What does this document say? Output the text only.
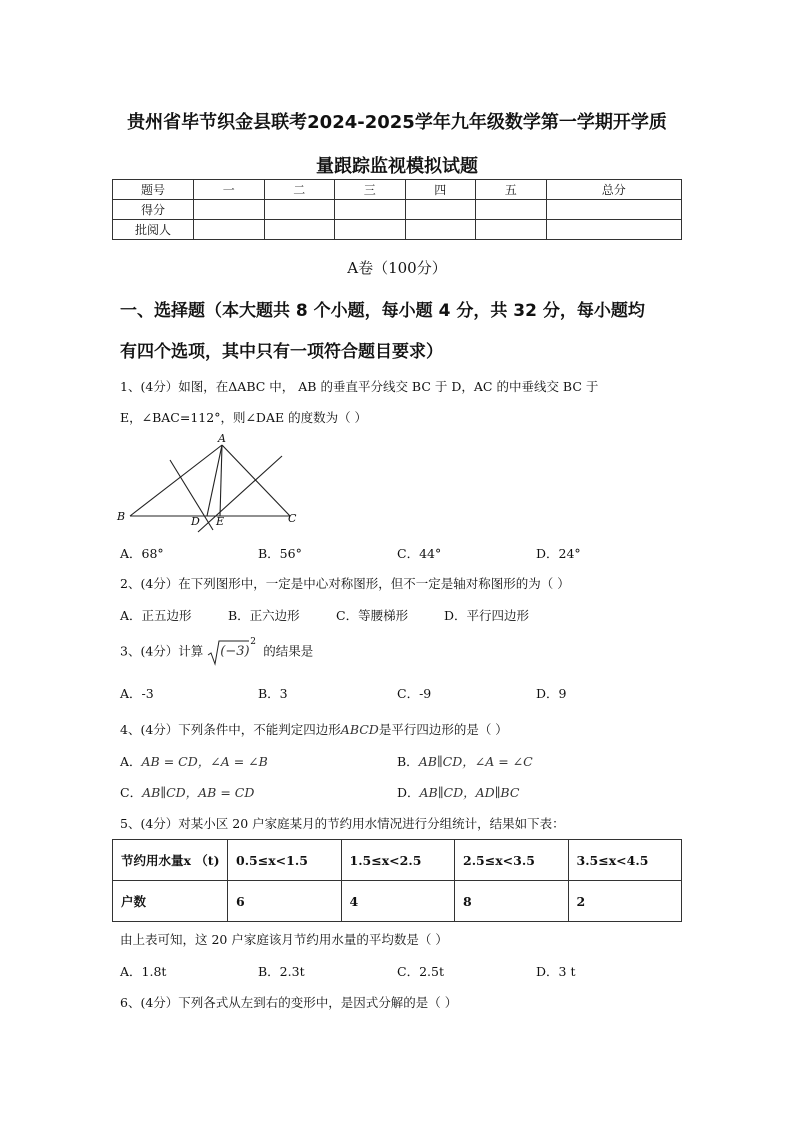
贵州省毕节织金县联考2024-2025学年九年级数学第一学期开学质
量跟踪监视模拟试题
题号	一	二	三	四	五	总分
得分						
批阅人						
A卷（100分）
一、选择题（本大题共 8 个小题，每小题 4 分，共 32 分，每小题均
有四个选项，其中只有一项符合题目要求）
1、(4分）如图，在ΔABC 中， AB 的垂直平分线交 BC 于 D，AC 的中垂线交 BC 于
E，∠BAC=112°，则∠DAE 的度数为（ ）
A
B	C
D E
A．68°	B．56°	C．44°	D．24°
2、(4分）在下列图形中，一定是中心对称图形，但不一定是轴对称图形的为（ ）
A．正五边形	B．正六边形	C．等腰梯形	D．平行四边形
3、(4分）计算 (−3)
2
的结果是
A．-3	B．3	C．-9	D．9
4、(4分）下列条件中，不能判定四边形ABCD是平行四边形的是（ ）
A．AB = CD，∠A = ∠B	B．AB∥CD，∠A = ∠C
C．AB∥CD，AB = CD	D．AB∥CD，AD∥BC
5、(4分）对某小区 20 户家庭某月的节约用水情况进行分组统计，结果如下表：
节约用水量x （t)	0.5≤x<1.5	1.5≤x<2.5	2.5≤x<3.5	3.5≤x<4.5
户数	6	4	8	2
由上表可知，这 20 户家庭该月节约用水量的平均数是（ ）
A．1.8t	B．2.3t	C．2.5t	D．3 t
6、(4分）下列各式从左到右的变形中，是因式分解的是（ ）
